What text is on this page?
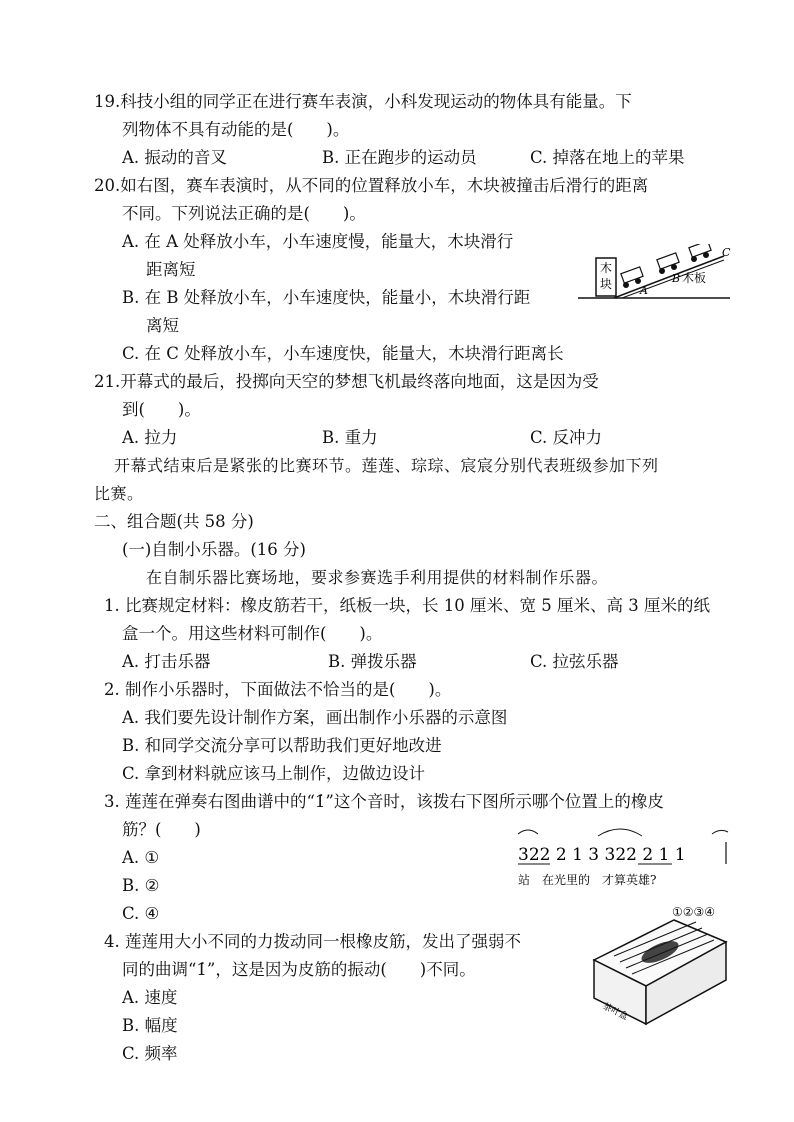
19.科技小组的同学正在进行赛车表演，小科发现运动的物体具有能量。下
列物体不具有动能的是(　　)。
A. 振动的音叉	B. 正在跑步的运动员	C. 掉落在地上的苹果
20.如右图，赛车表演时，从不同的位置释放小车，木块被撞击后滑行的距离
不同。下列说法正确的是(　　)。
A. 在 A 处释放小车，小车速度慢，能量大，木块滑行
距离短
B. 在 B 处释放小车，小车速度快，能量小，木块滑行距
离短
C. 在 C 处释放小车，小车速度快，能量大，木块滑行距离长
木
块	A
B
C
木板
21.开幕式的最后，投掷向天空的梦想飞机最终落向地面，这是因为受
到(　　)。
A. 拉力	B. 重力	C. 反冲力
开幕式结束后是紧张的比赛环节。莲莲、琮琮、宸宸分别代表班级参加下列
比赛。
二、组合题(共 58 分)
(一)自制小乐器。(16 分)
在自制乐器比赛场地，要求参赛选手利用提供的材料制作乐器。
1. 比赛规定材料：橡皮筋若干，纸板一块，长 10 厘米、宽 5 厘米、高 3 厘米的纸
盒一个。用这些材料可制作(　　)。
A. 打击乐器	B. 弹拨乐器	C. 拉弦乐器
2. 制作小乐器时，下面做法不恰当的是(　　)。
A. 我们要先设计制作方案，画出制作小乐器的示意图
B. 和同学交流分享可以帮助我们更好地改进
C. 拿到材料就应该马上制作，边做边设计
3. 莲莲在弹奏右图曲谱中的“1̇”这个音时，该拨右下图所示哪个位置上的橡皮
筋？(　　)
A. ①
B. ②
C. ④
322 2 1 3 322 2 1 1
站　在光里的　才算英雄?
4. 莲莲用大小不同的力拨动同一根橡皮筋，发出了强弱不
同的曲调“1̇”，这是因为皮筋的振动(　　)不同。
A. 速度
B. 幅度
C. 频率
①②③④
茶叶盒
